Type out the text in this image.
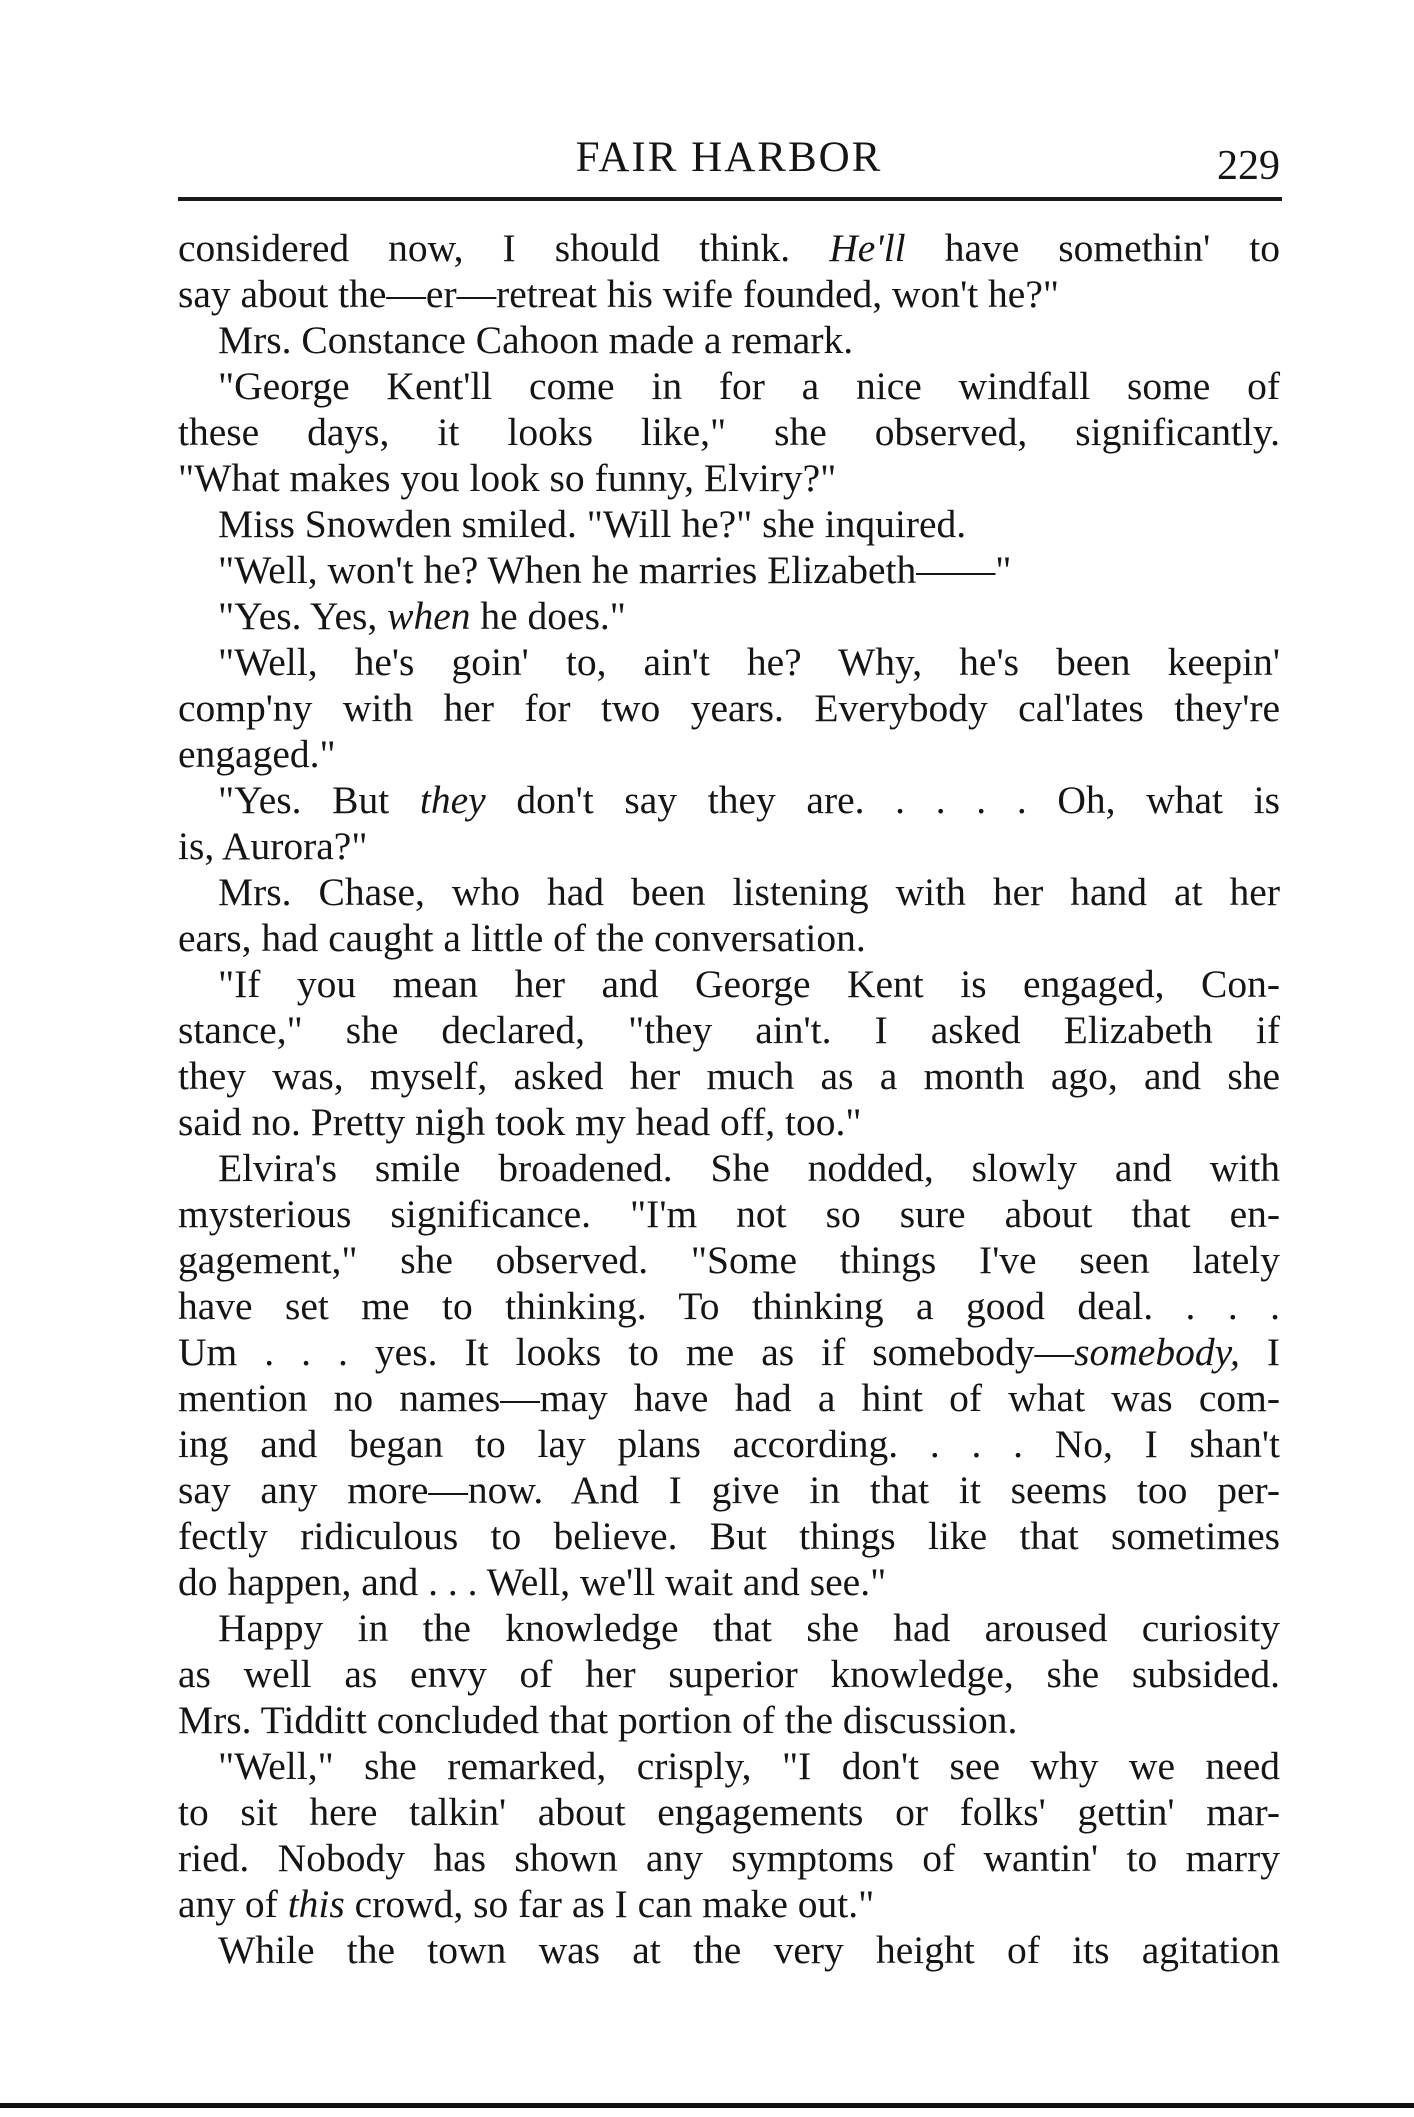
FAIR HARBOR	229
considered now, I should think. He'll have somethin' to
say about the—er—retreat his wife founded, won't he?"
Mrs. Constance Cahoon made a remark.
"George Kent'll come in for a nice windfall some of
these days, it looks like," she observed, significantly.
"What makes you look so funny, Elviry?"
Miss Snowden smiled. "Will he?" she inquired.
"Well, won't he? When he marries Elizabeth——"
"Yes. Yes, when he does."
"Well, he's goin' to, ain't he? Why, he's been keepin'
comp'ny with her for two years. Everybody cal'lates they're
engaged."
"Yes. But they don't say they are. . . . . Oh, what is
is, Aurora?"
Mrs. Chase, who had been listening with her hand at her
ears, had caught a little of the conversation.
"If you mean her and George Kent is engaged, Con-
stance," she declared, "they ain't. I asked Elizabeth if
they was, myself, asked her much as a month ago, and she
said no. Pretty nigh took my head off, too."
Elvira's smile broadened. She nodded, slowly and with
mysterious significance. "I'm not so sure about that en-
gagement," she observed. "Some things I've seen lately
have set me to thinking. To thinking a good deal. . . .
Um . . . yes. It looks to me as if somebody—somebody, I
mention no names—may have had a hint of what was com-
ing and began to lay plans according. . . . No, I shan't
say any more—now. And I give in that it seems too per-
fectly ridiculous to believe. But things like that sometimes
do happen, and . . . Well, we'll wait and see."
Happy in the knowledge that she had aroused curiosity
as well as envy of her superior knowledge, she subsided.
Mrs. Tidditt concluded that portion of the discussion.
"Well," she remarked, crisply, "I don't see why we need
to sit here talkin' about engagements or folks' gettin' mar-
ried. Nobody has shown any symptoms of wantin' to marry
any of this crowd, so far as I can make out."
While the town was at the very height of its agitation
